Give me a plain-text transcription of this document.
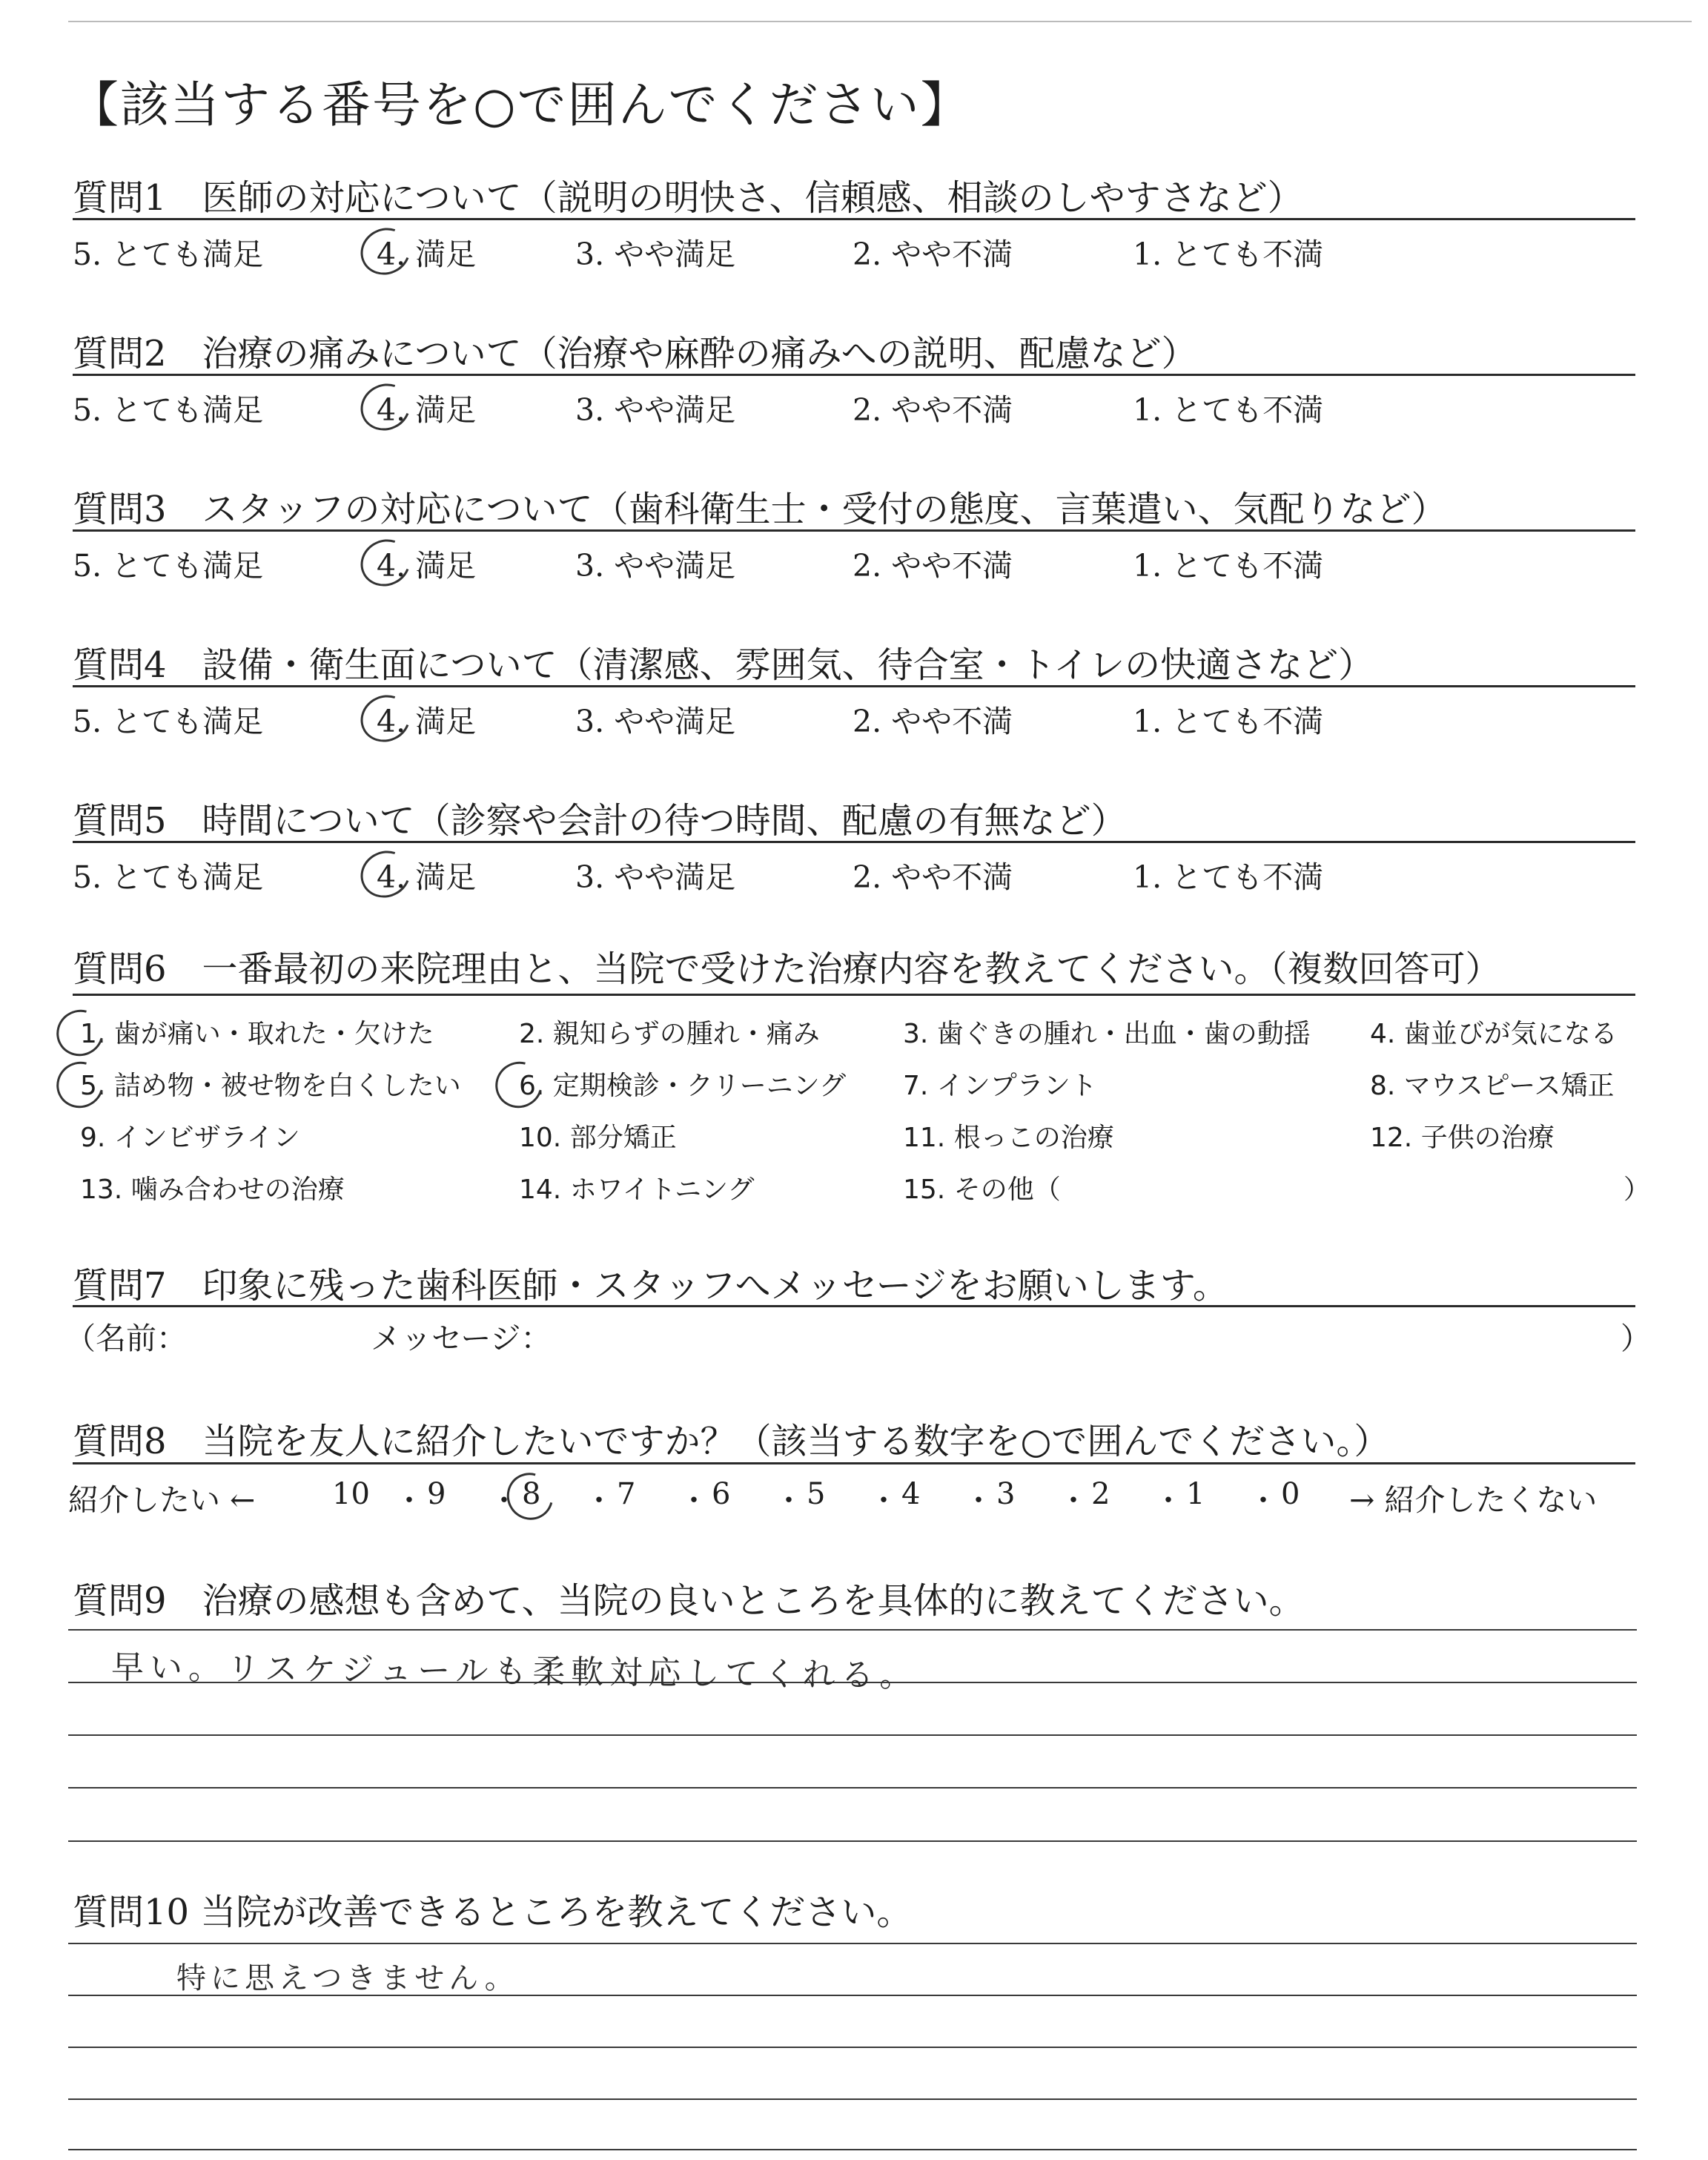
【該当する番号を○で囲んでください】
質問1　医師の対応について（説明の明快さ、信頼感、相談のしやすさなど）
5. とても満足	4. 満足	3. やや満足	2. やや不満	1. とても不満
質問2　治療の痛みについて（治療や麻酔の痛みへの説明、配慮など）
5. とても満足	4. 満足	3. やや満足	2. やや不満	1. とても不満
質問3　スタッフの対応について（歯科衛生士・受付の態度、言葉遣い、気配りなど）
5. とても満足	4. 満足	3. やや満足	2. やや不満	1. とても不満
質問4　設備・衛生面について（清潔感、雰囲気、待合室・トイレの快適さなど）
5. とても満足	4. 満足	3. やや満足	2. やや不満	1. とても不満
質問5　時間について（診察や会計の待つ時間、配慮の有無など）
5. とても満足	4. 満足	3. やや満足	2. やや不満	1. とても不満
質問6　一番最初の来院理由と、当院で受けた治療内容を教えてください。（複数回答可）
1. 歯が痛い・取れた・欠けた	2. 親知らずの腫れ・痛み	3. 歯ぐきの腫れ・出血・歯の動揺 4. 歯並びが気になる
5. 詰め物・被せ物を白くしたい 6. 定期検診・クリーニング 7. インプラント	8. マウスピース矯正
9. インビザライン	10. 部分矯正	11. 根っこの治療	12. 子供の治療
13. 噛み合わせの治療	14. ホワイトニング	15. その他（	）
質問7　印象に残った歯科医師・スタッフへメッセージをお願いします。
（名前：	メッセージ：	）
質問8　当院を友人に紹介したいですか？（該当する数字を○で囲んでください。）
紹介したい ←	10 ・ 9 ・ 8 ・ 7 ・ 6 ・ 5 ・ 4 ・ 3 ・ 2 ・ 1 ・ 0 → 紹介したくない
質問9　治療の感想も含めて、当院の良いところを具体的に教えてください。
早い。リスケジュールも柔軟対応してくれる。
質問10 当院が改善できるところを教えてください。
特に思えつきません。
